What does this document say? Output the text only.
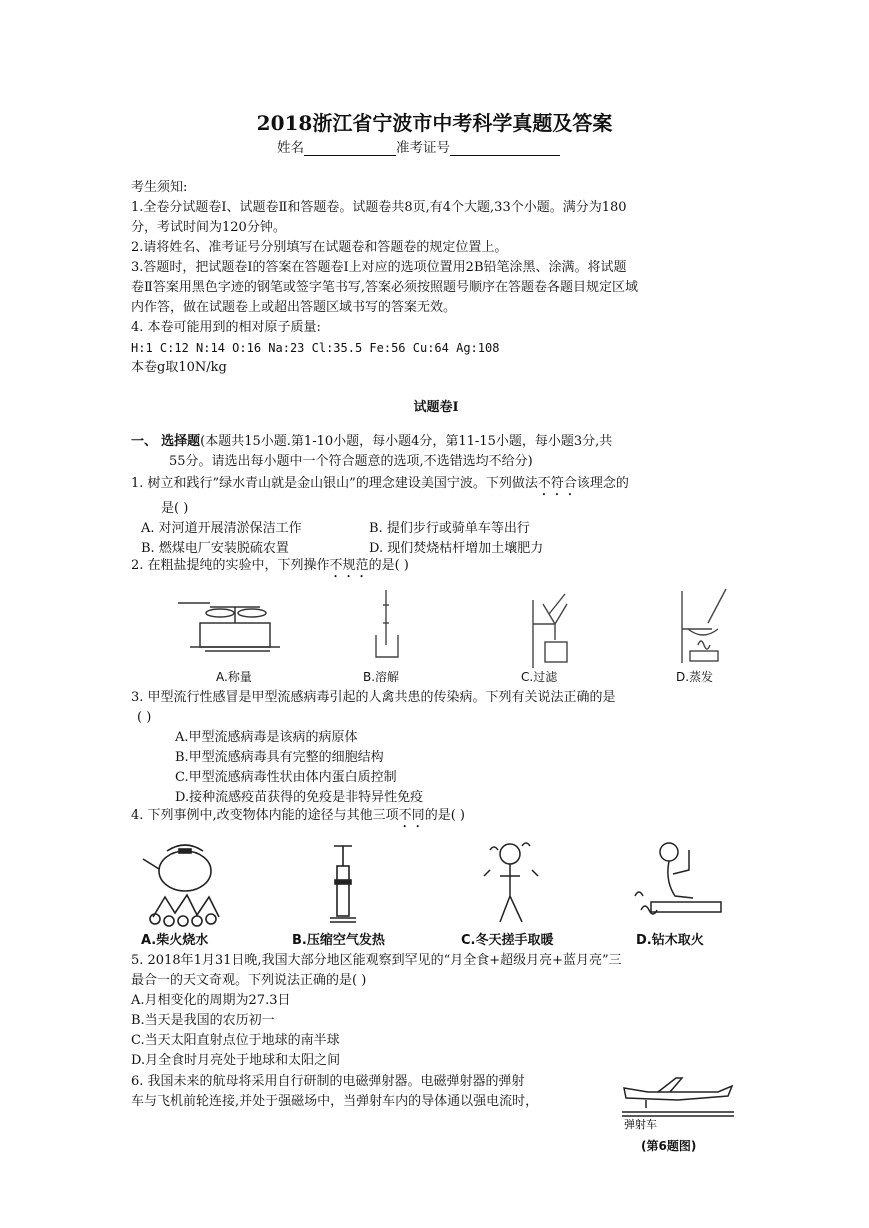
2018浙江省宁波市中考科学真题及答案
姓名	准考证号

考生须知:

1.全卷分试题卷Ⅰ、试题卷Ⅱ和答题卷。试题卷共8页,有4个大题,33个小题。满分为180

分，考试时间为120分钟。

2.请将姓名、准考证号分别填写在试题卷和答题卷的规定位置上。

3.答题时，把试题卷Ⅰ的答案在答题卷Ⅰ上对应的选项位置用2B铅笔涂黑、涂满。将试题

卷Ⅱ答案用黑色字迹的钢笔或签字笔书写,答案必须按照题号顺序在答题卷各题目规定区域

内作答，做在试题卷上或超出答题区域书写的答案无效。

4. 本卷可能用到的相对原子质量:

H:1 C:12 N:14 O:16 Na:23 Cl:35.5 Fe:56 Cu:64 Ag:108

本卷g取10N/kg

试题卷Ⅰ

一、 选择题(本题共15小题.第1-10小题，每小题4分，第11-15小题，每小题3分,共

55分。请选出每小题中一个符合题意的选项,不选错选均不给分)

1. 树立和践行”绿水青山就是金山银山”的理念建设美国宁波。下列做法不符合该理念的

是( )

A. 对河道开展清淤保洁工作	B. 提们步行或骑单车等出行

B. 燃煤电厂安装脱硫农置	D. 现们焚烧枯杆增加土壤肥力

2. 在粗盐提纯的实验中，下列操作不规范的是( )

A.称量	B.溶解	C.过滤	D.蒸发

3. 甲型流行性感冒是甲型流感病毒引起的人禽共患的传染病。下列有关说法正确的是

( )

A.甲型流感病毒是该病的病原体

B.甲型流感病毒具有完整的细胞结构

C.甲型流感病毒性状由体内蛋白质控制

D.接种流感疫苗获得的免疫是非特异性免疫

4. 下列事例中,改变物体内能的途径与其他三项不同的是( )

A.柴火烧水	B.压缩空气发热	C.冬天搓手取暖	D.钻木取火

5. 2018年1月31日晚,我国大部分地区能观察到罕见的“月全食+超级月亮+蓝月亮”三

最合一的天文奇观。下列说法正确的是( )

A.月相变化的周期为27.3日

B.当天是我国的农历初一

C.当天太阳直射点位于地球的南半球

D.月全食时月亮处于地球和太阳之间

6. 我国未来的航母将采用自行研制的电磁弹射器。电磁弹射器的弹射

车与飞机前轮连接,并处于强磁场中，当弹射车内的导体通以强电流时，

弹射车
(第6题图)
